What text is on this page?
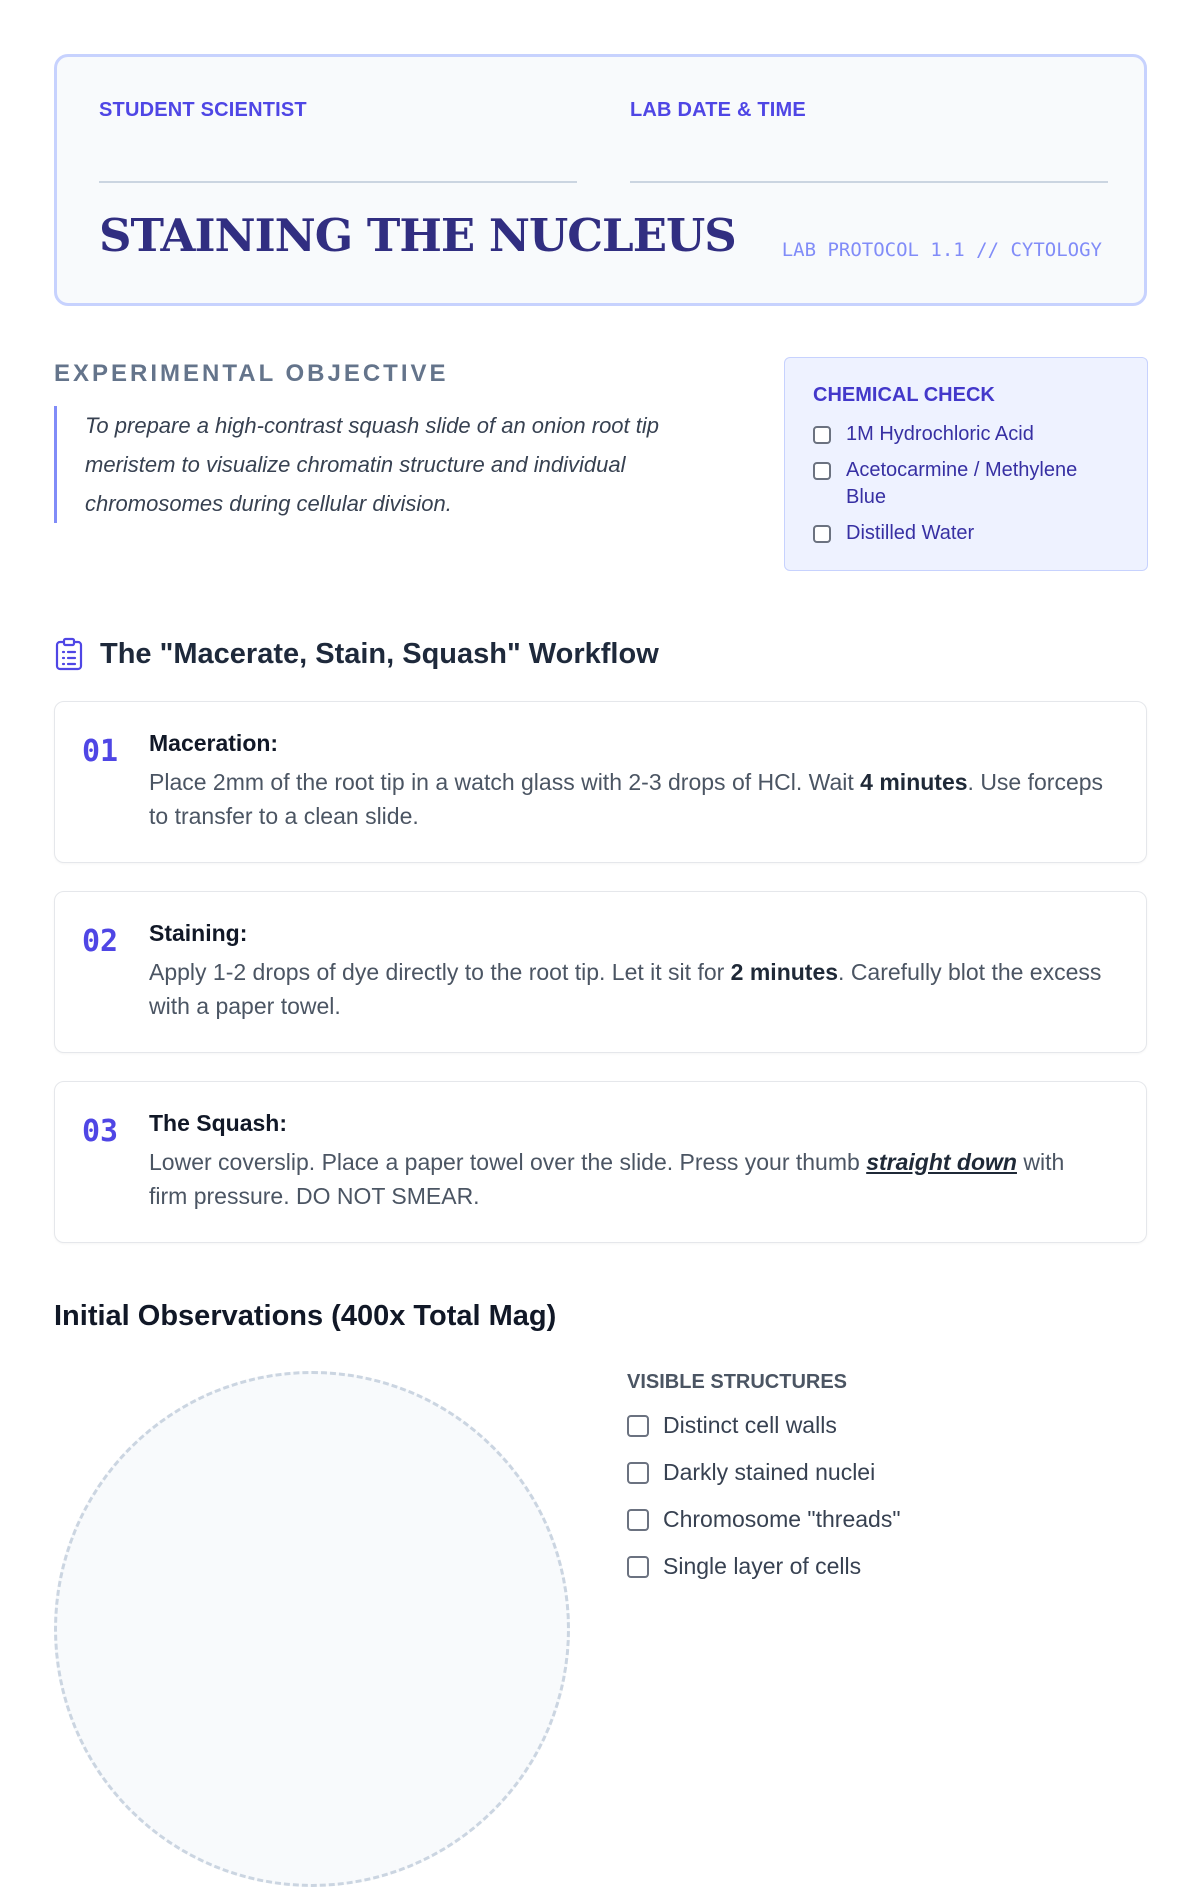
STUDENT SCIENTIST	LAB DATE & TIME
STAINING THE NUCLEUS LAB PROTOCOL 1.1 // CYTOLOGY
EXPERIMENTAL OBJECTIVE
To prepare a high-contrast squash slide of an onion root tip meristem to visualize chromatin structure and individual chromosomes during cellular division.
CHEMICAL CHECK
1M Hydrochloric Acid
Acetocarmine / Methylene Blue
Distilled Water
The "Macerate, Stain, Squash" Workflow
01 Maceration:
Place 2mm of the root tip in a watch glass with 2-3 drops of HCl. Wait 4 minutes. Use forceps to transfer to a clean slide.
02 Staining:
Apply 1-2 drops of dye directly to the root tip. Let it sit for 2 minutes. Carefully blot the excess with a paper towel.
03 The Squash:
Lower coverslip. Place a paper towel over the slide. Press your thumb straight down with firm pressure. DO NOT SMEAR.
Initial Observations (400x Total Mag)
VISIBLE STRUCTURES
Distinct cell walls
Darkly stained nuclei
Chromosome "threads"
Single layer of cells
